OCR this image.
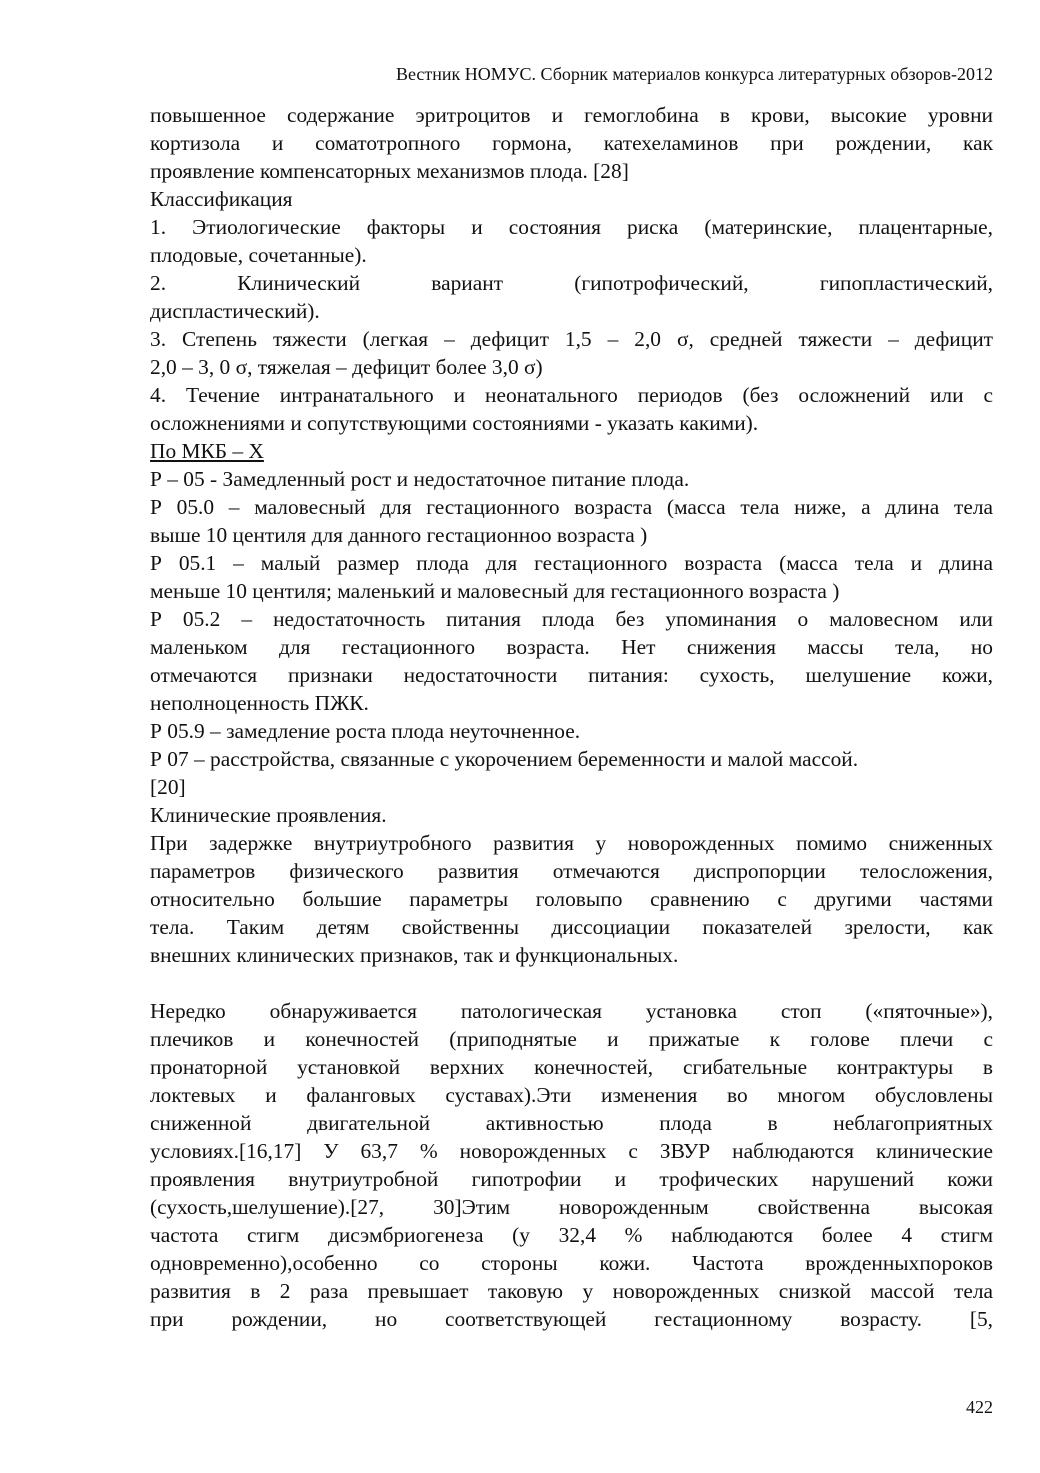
Вестник НОМУС. Сборник материалов конкурса литературных обзоров-2012

повышенное содержание эритроцитов и гемоглобина в крови, высокие уровни

кортизола и соматотропного гормона, катехеламинов при рождении, как

проявление компенсаторных механизмов плода. [28]

Классификация

1. Этиологические факторы и состояния риска (материнские, плацентарные,

плодовые, сочетанные).

2. Клинический вариант (гипотрофический, гипопластический,

диспластический).

3. Степень тяжести (легкая – дефицит 1,5 – 2,0 σ, средней тяжести – дефицит

2,0 – 3, 0 σ, тяжелая – дефицит более 3,0 σ)

4. Течение интранатального и неонатального периодов (без осложнений или с

осложнениями и сопутствующими состояниями - указать какими).

По МКБ – X

Р – 05 - Замедленный рост и недостаточное питание плода.

Р 05.0 – маловесный для гестационного возраста (масса тела ниже, а длина тела

выше 10 центиля для данного гестационноо возраста )

Р 05.1 – малый размер плода для гестационного возраста (масса тела и длина

меньше 10 центиля; маленький и маловесный для гестационного возраста )

Р 05.2 – недостаточность питания плода без упоминания о маловесном или

маленьком для гестационного возраста. Нет снижения массы тела, но

отмечаются признаки недостаточности питания: сухость, шелушение кожи,

неполноценность ПЖК.

Р 05.9 – замедление роста плода неуточненное.

Р 07 – расстройства, связанные с укорочением беременности и малой массой.

[20]

Клинические проявления.

При задержке внутриутробного развития у новорожденных помимо сниженных

параметров физического развития отмечаются диспропорции телосложения,

относительно большие параметры головыпо сравнению с другими частями

тела. Таким детям свойственны диссоциации показателей зрелости, как

внешних клинических признаков, так и функциональных.

Нередко обнаруживается патологическая установка стоп («пяточные»),

плечиков и конечностей (приподнятые и прижатые к голове плечи с

пронаторной установкой верхних конечностей, сгибательные контрактуры в

локтевых и фаланговых суставах).Эти изменения во многом обусловлены

сниженной двигательной активностью плода в неблагоприятных

условиях.[16,17] У 63,7 % новорожденных с ЗВУР наблюдаются клинические

проявления внутриутробной гипотрофии и трофических нарушений кожи

(сухость,шелушение).[27, 30]Этим новорожденным свойственна высокая

частота стигм дисэмбриогенеза (у 32,4 % наблюдаются более 4 стигм

одновременно),особенно со стороны кожи. Частота врожденныхпороков

развития в 2 раза превышает таковую у новорожденных снизкой массой тела

при рождении, но соответствующей гестационному возрасту. [5,

422
